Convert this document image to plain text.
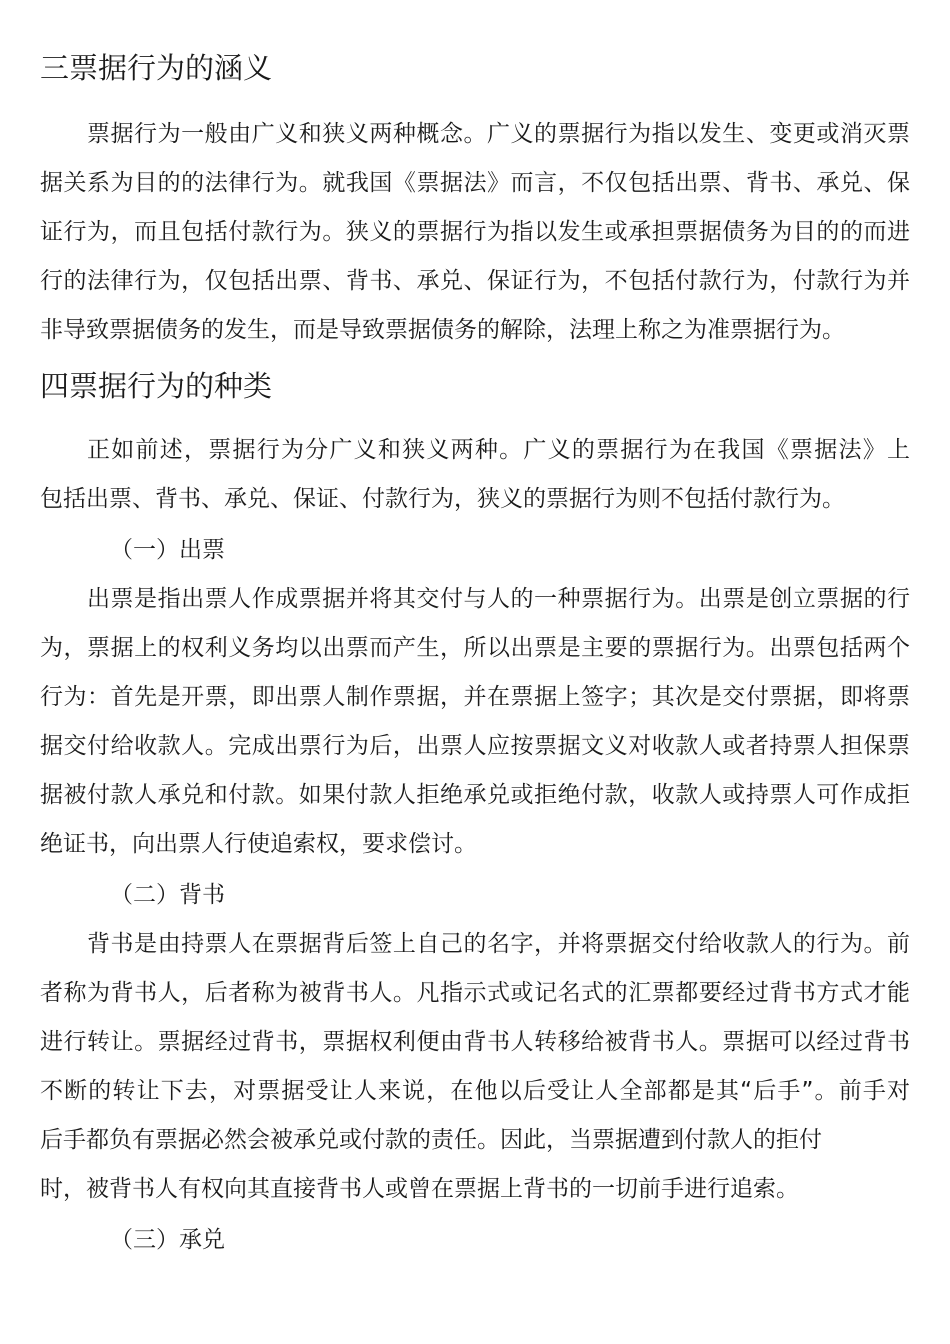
三票据行为的涵义
票据行为一般由广义和狭义两种概念。广义的票据行为指以发生、变更或消灭票
据关系为目的的法律行为。就我国《票据法》而言，不仅包括出票、背书、承兑、保
证行为，而且包括付款行为。狭义的票据行为指以发生或承担票据债务为目的的而进
行的法律行为，仅包括出票、背书、承兑、保证行为，不包括付款行为，付款行为并
非导致票据债务的发生，而是导致票据债务的解除，法理上称之为准票据行为。
四票据行为的种类
正如前述，票据行为分广义和狭义两种。广义的票据行为在我国《票据法》上
包括出票、背书、承兑、保证、付款行为，狭义的票据行为则不包括付款行为。
（一）出票
出票是指出票人作成票据并将其交付与人的一种票据行为。出票是创立票据的行
为，票据上的权利义务均以出票而产生，所以出票是主要的票据行为。出票包括两个
行为：首先是开票，即出票人制作票据，并在票据上签字；其次是交付票据，即将票
据交付给收款人。完成出票行为后，出票人应按票据文义对收款人或者持票人担保票
据被付款人承兑和付款。如果付款人拒绝承兑或拒绝付款，收款人或持票人可作成拒
绝证书，向出票人行使追索权，要求偿讨。
（二）背书
背书是由持票人在票据背后签上自己的名字，并将票据交付给收款人的行为。前
者称为背书人，后者称为被背书人。凡指示式或记名式的汇票都要经过背书方式才能
进行转让。票据经过背书，票据权利便由背书人转移给被背书人。票据可以经过背书
不断的转让下去，对票据受让人来说，在他以后受让人全部都是其“后手”。前手对
后手都负有票据必然会被承兑或付款的责任。因此，当票据遭到付款人的拒付
时，被背书人有权向其直接背书人或曾在票据上背书的一切前手进行追索。
（三）承兑
